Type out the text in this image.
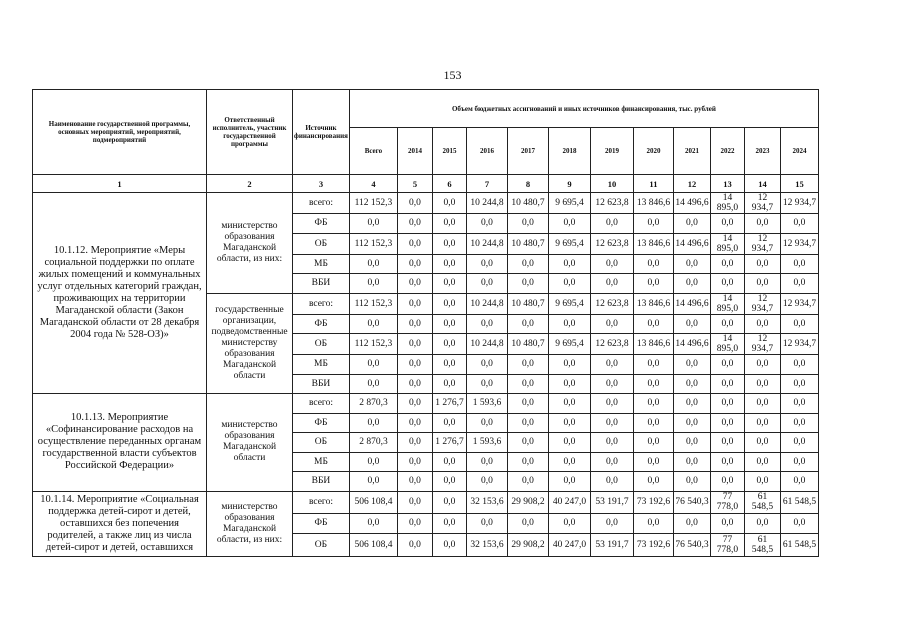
153
Наименование государственной программы, основных мероприятий, мероприятий, подмероприятий	Ответственный исполнитель, участник государственной программы	Источник финансирования	Объем бюджетных ассигнований и иных источников финансирования, тыс. рублей											
			Всего	2014	2015	2016	2017	2018	2019	2020	2021	2022	2023	2024
1	2	3	4	5	6	7	8	9	10	11	12	13	14	15
10.1.12. Мероприятие «Меры социальной поддержки по оплате жилых помещений и коммунальных услуг отдельных категорий граждан, проживающих на территории Магаданской области (Закон Магаданской области от 28 декабря 2004 года № 528-ОЗ)»	министерство образования Магаданской области, из них:	всего:	112 152,3	0,0	0,0	10 244,8	10 480,7	9 695,4	12 623,8	13 846,6	14 496,6	14 895,0	12 934,7	12 934,7
		ФБ	0,0	0,0	0,0	0,0	0,0	0,0	0,0	0,0	0,0	0,0	0,0	0,0
		ОБ	112 152,3	0,0	0,0	10 244,8	10 480,7	9 695,4	12 623,8	13 846,6	14 496,6	14 895,0	12 934,7	12 934,7
		МБ	0,0	0,0	0,0	0,0	0,0	0,0	0,0	0,0	0,0	0,0	0,0	0,0
		ВБИ	0,0	0,0	0,0	0,0	0,0	0,0	0,0	0,0	0,0	0,0	0,0	0,0
	государственные организации, подведомственные министерству образования Магаданской области	всего:	112 152,3	0,0	0,0	10 244,8	10 480,7	9 695,4	12 623,8	13 846,6	14 496,6	14 895,0	12 934,7	12 934,7
		ФБ	0,0	0,0	0,0	0,0	0,0	0,0	0,0	0,0	0,0	0,0	0,0	0,0
		ОБ	112 152,3	0,0	0,0	10 244,8	10 480,7	9 695,4	12 623,8	13 846,6	14 496,6	14 895,0	12 934,7	12 934,7
		МБ	0,0	0,0	0,0	0,0	0,0	0,0	0,0	0,0	0,0	0,0	0,0	0,0
		ВБИ	0,0	0,0	0,0	0,0	0,0	0,0	0,0	0,0	0,0	0,0	0,0	0,0
10.1.13. Мероприятие «Софинансирование расходов на осуществление переданных органам государственной власти субъектов Российской Федерации»	министерство образования Магаданской области	всего:	2 870,3	0,0	1 276,7	1 593,6	0,0	0,0	0,0	0,0	0,0	0,0	0,0	0,0
		ФБ	0,0	0,0	0,0	0,0	0,0	0,0	0,0	0,0	0,0	0,0	0,0	0,0
		ОБ	2 870,3	0,0	1 276,7	1 593,6	0,0	0,0	0,0	0,0	0,0	0,0	0,0	0,0
		МБ	0,0	0,0	0,0	0,0	0,0	0,0	0,0	0,0	0,0	0,0	0,0	0,0
		ВБИ	0,0	0,0	0,0	0,0	0,0	0,0	0,0	0,0	0,0	0,0	0,0	0,0
10.1.14. Мероприятие «Социальная поддержка детей-сирот и детей, оставшихся без попечения родителей, а также лиц из числа детей-сирот и детей, оставшихся	министерство образования Магаданской области, из них:	всего:	506 108,4	0,0	0,0	32 153,6	29 908,2	40 247,0	53 191,7	73 192,6	76 540,3	77 778,0	61 548,5	61 548,5
		ФБ	0,0	0,0	0,0	0,0	0,0	0,0	0,0	0,0	0,0	0,0	0,0	0,0
		ОБ	506 108,4	0,0	0,0	32 153,6	29 908,2	40 247,0	53 191,7	73 192,6	76 540,3	77 778,0	61 548,5	61 548,5
